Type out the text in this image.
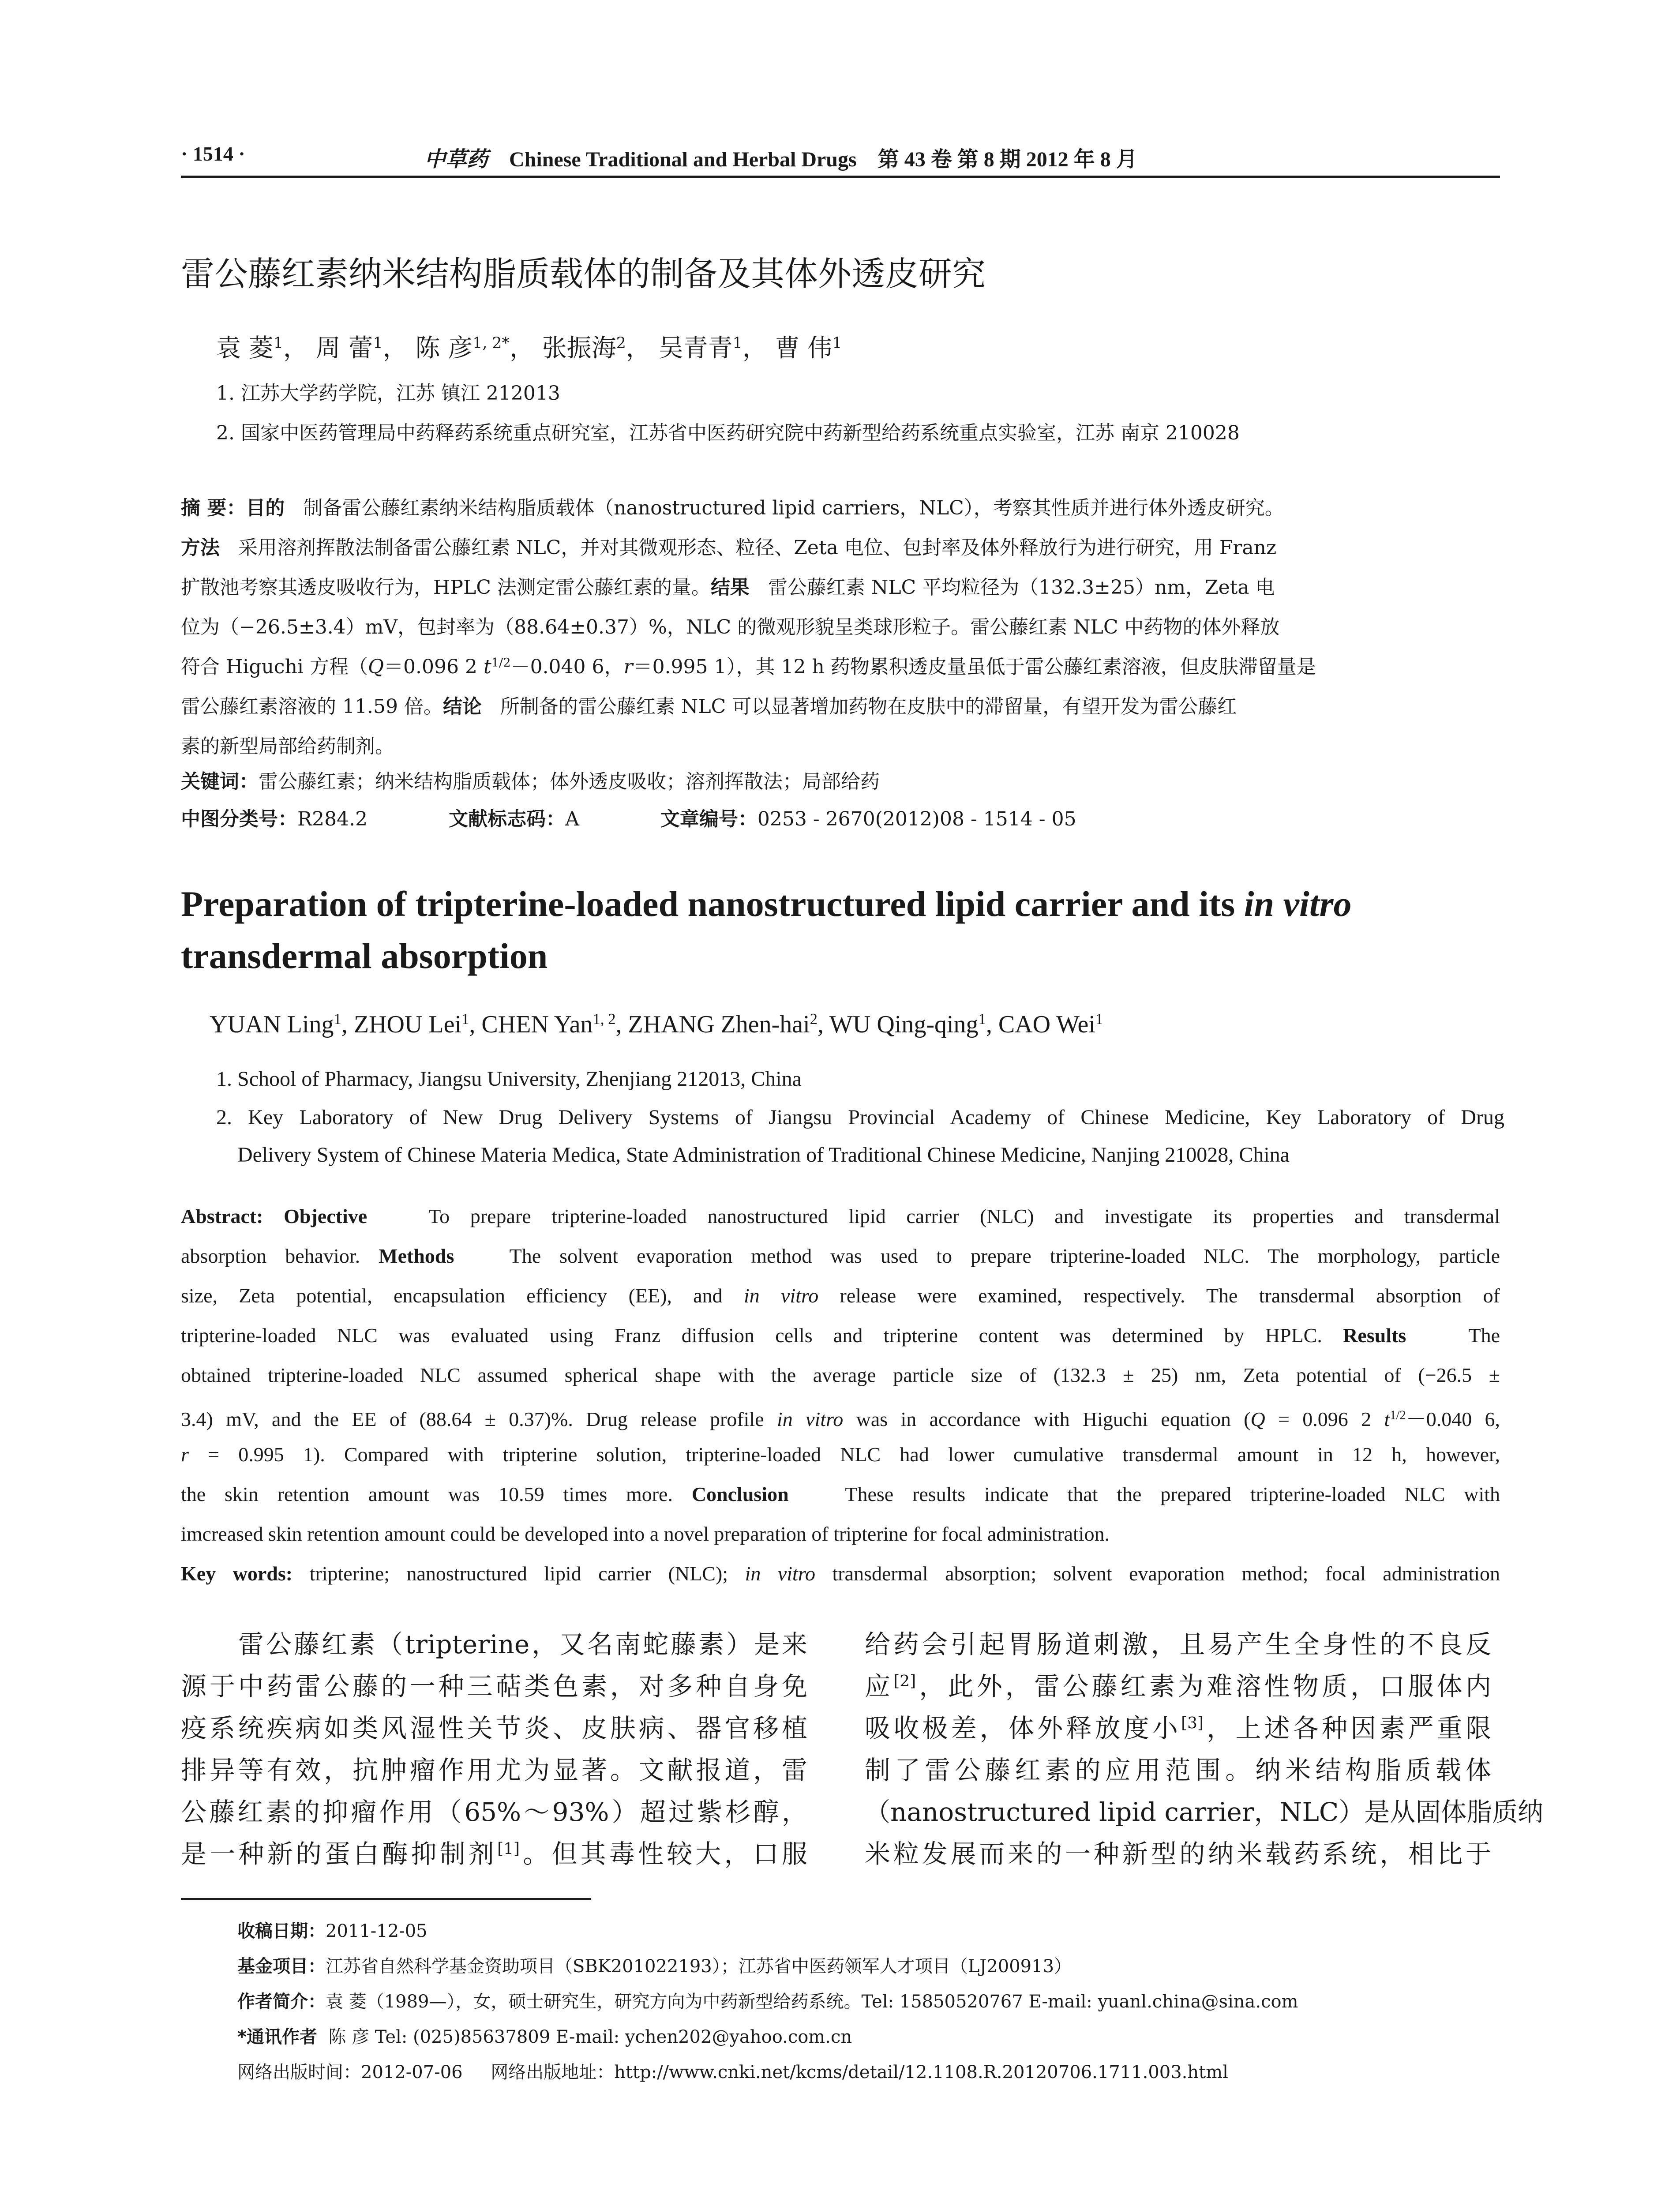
· 1514 ·	中草药 Chinese Traditional and Herbal Drugs 第 43 卷 第 8 期 2012 年 8 月
雷公藤红素纳米结构脂质载体的制备及其体外透皮研究
袁 菱$^1$， 周 蕾$^1$， 陈 彦$^{1, 2*}$， 张振海$^2$， 吴青青$^1$， 曹 伟$^1$
1. 江苏大学药学院，江苏 镇江 212013
2. 国家中医药管理局中药释药系统重点研究室，江苏省中医药研究院中药新型给药系统重点实验室，江苏 南京 210028
摘 要：目的 制备雷公藤红素纳米结构脂质载体（nanostructured lipid carriers，NLC），考察其性质并进行体外透皮研究。
方法 采用溶剂挥散法制备雷公藤红素 NLC，并对其微观形态、粒径、Zeta 电位、包封率及体外释放行为进行研究，用 Franz
扩散池考察其透皮吸收行为，HPLC 法测定雷公藤红素的量。结果 雷公藤红素 NLC 平均粒径为（132.3±25）nm，Zeta 电
位为（−26.5±3.4）mV，包封率为（88.64±0.37）%，NLC 的微观形貌呈类球形粒子。雷公藤红素 NLC 中药物的体外释放
符合 Higuchi 方程（Q＝0.096 2 $t^{1/2}-0.040$ 6，r＝0.995 1），其 12 h 药物累积透皮量虽低于雷公藤红素溶液，但皮肤滞留量是
雷公藤红素溶液的 11.59 倍。结论 所制备的雷公藤红素 NLC 可以显著增加药物在皮肤中的滞留量，有望开发为雷公藤红
素的新型局部给药制剂。
关键词：雷公藤红素；纳米结构脂质载体；体外透皮吸收；溶剂挥散法；局部给药
中图分类号：R284.2	文献标志码：A	文章编号：0253 - 2670(2012)08 - 1514 - 05
Preparation of tripterine-loaded nanostructured lipid carrier and its in vitro
transdermal absorption
YUAN Ling$^1$, ZHOU Lei$^1$, CHEN Yan$^{1, 2}$, ZHANG Zhen-hai$^2$, WU Qing-qing$^1$, CAO Wei$^1$
1. School of Pharmacy, Jiangsu University, Zhenjiang 212013, China
2. Key Laboratory of New Drug Delivery Systems of Jiangsu Provincial Academy of Chinese Medicine, Key Laboratory of Drug
Delivery System of Chinese Materia Medica, State Administration of Traditional Chinese Medicine, Nanjing 210028, China
Abstract: Objective	To prepare tripterine-loaded nanostructured lipid carrier (NLC) and investigate its properties and transdermal
absorption behavior. Methods	The solvent evaporation method was used to prepare tripterine-loaded NLC. The morphology, particle
size, Zeta potential, encapsulation efficiency (EE), and in vitro release were examined, respectively. The transdermal absorption of
tripterine-loaded NLC was evaluated using Franz diffusion cells and tripterine content was determined by HPLC. Results	The
obtained tripterine-loaded NLC assumed spherical shape with the average particle size of (132.3 ± 25) nm, Zeta potential of (−26.5 ±
3.4) mV, and the EE of (88.64 ± 0.37)%. Drug release profile in vitro was in accordance with Higuchi equation (Q = 0.096 2 $t^{1/2}-0.040$ 6,
r = 0.995 1). Compared with tripterine solution, tripterine-loaded NLC had lower cumulative transdermal amount in 12 h, however,
the skin retention amount was 10.59 times more. Conclusion	These results indicate that the prepared tripterine-loaded NLC with
imcreased skin retention amount could be developed into a novel preparation of tripterine for focal administration.
Key words: tripterine; nanostructured lipid carrier (NLC); in vitro transdermal absorption; solvent evaporation method; focal administration
雷公藤红素（tripterine，又名南蛇藤素）是来
源于中药雷公藤的一种三萜类色素，对多种自身免
疫系统疾病如类风湿性关节炎、皮肤病、器官移植
排异等有效，抗肿瘤作用尤为显著。文献报道，雷
公藤红素的抑瘤作用（65%～93%）超过紫杉醇，
是一种新的蛋白酶抑制剂[1]。但其毒性较大，口服
给药会引起胃肠道刺激，且易产生全身性的不良反
应[2]，此外，雷公藤红素为难溶性物质，口服体内
吸收极差，体外释放度小[3]，上述各种因素严重限
制了雷公藤红素的应用范围。纳米结构脂质载体
（nanostructured lipid carrier，NLC）是从固体脂质纳
米粒发展而来的一种新型的纳米载药系统，相比于
收稿日期：2011-12-05
基金项目：江苏省自然科学基金资助项目（SBK201022193）；江苏省中医药领军人才项目（LJ200913）
作者简介：袁 菱（1989—），女，硕士研究生，研究方向为中药新型给药系统。Tel: 15850520767 E-mail: yuanl.china@sina.com
*通讯作者 陈 彦 Tel: (025)85637809 E-mail: ychen202@yahoo.com.cn
网络出版时间：2012-07-06 网络出版地址：http://www.cnki.net/kcms/detail/12.1108.R.20120706.1711.003.html
